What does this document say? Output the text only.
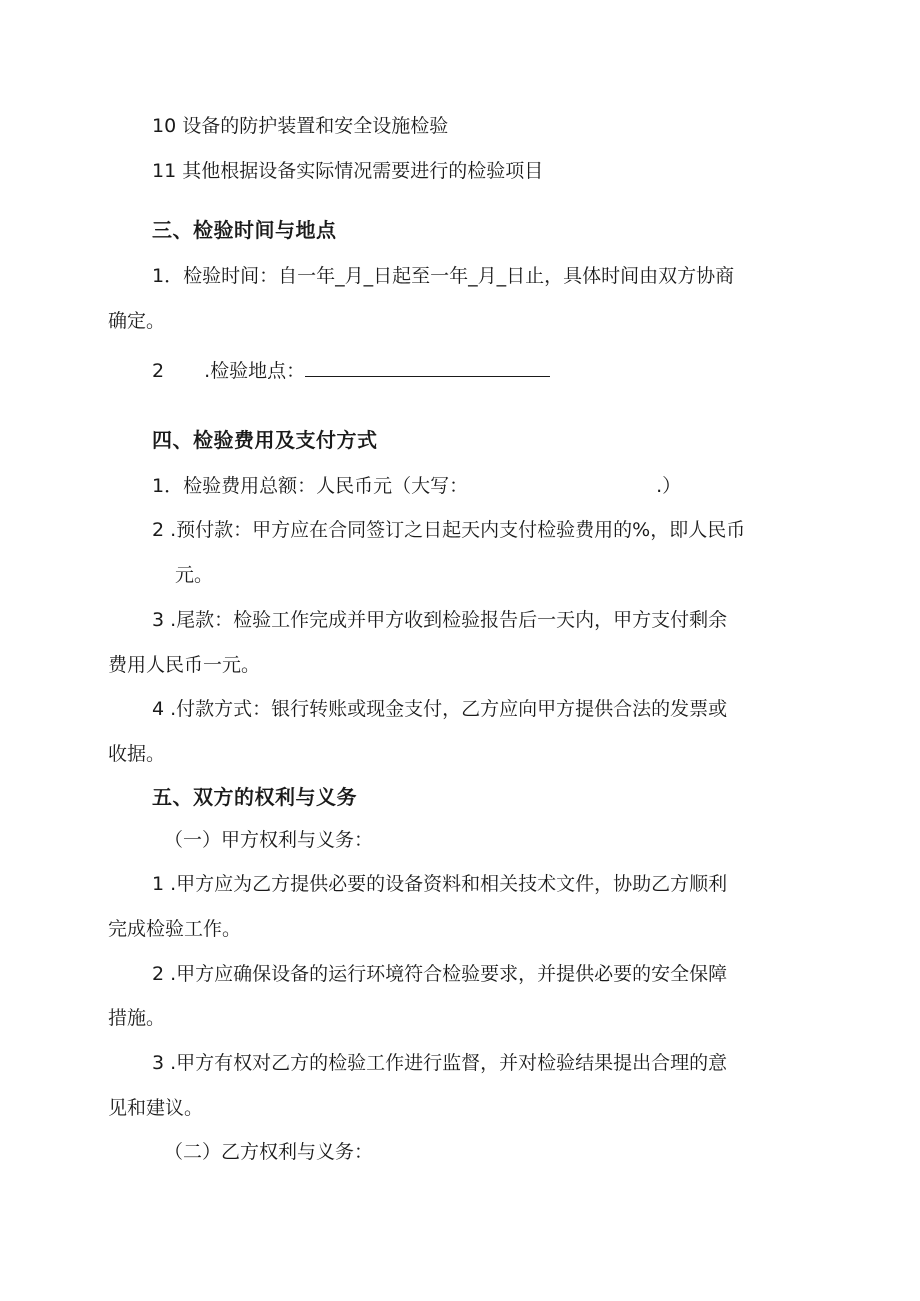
10 设备的防护装置和安全设施检验

11 其他根据设备实际情况需要进行的检验项目

三、检验时间与地点

1．检验时间：自一年_月_日起至一年_月_日止，具体时间由双方协商

确定。

2 .检验地点：

四、检验费用及支付方式

1．检验费用总额：人民币元（大写：	.）

2 .预付款：甲方应在合同签订之日起天内支付检验费用的%，即人民币

元。

3 .尾款：检验工作完成并甲方收到检验报告后一天内，甲方支付剩余

费用人民币一元。

4 .付款方式：银行转账或现金支付，乙方应向甲方提供合法的发票或

收据。

五、双方的权利与义务

（一）甲方权利与义务：

1 .甲方应为乙方提供必要的设备资料和相关技术文件，协助乙方顺利

完成检验工作。

2 .甲方应确保设备的运行环境符合检验要求，并提供必要的安全保障

措施。

3 .甲方有权对乙方的检验工作进行监督，并对检验结果提出合理的意

见和建议。

（二）乙方权利与义务：
